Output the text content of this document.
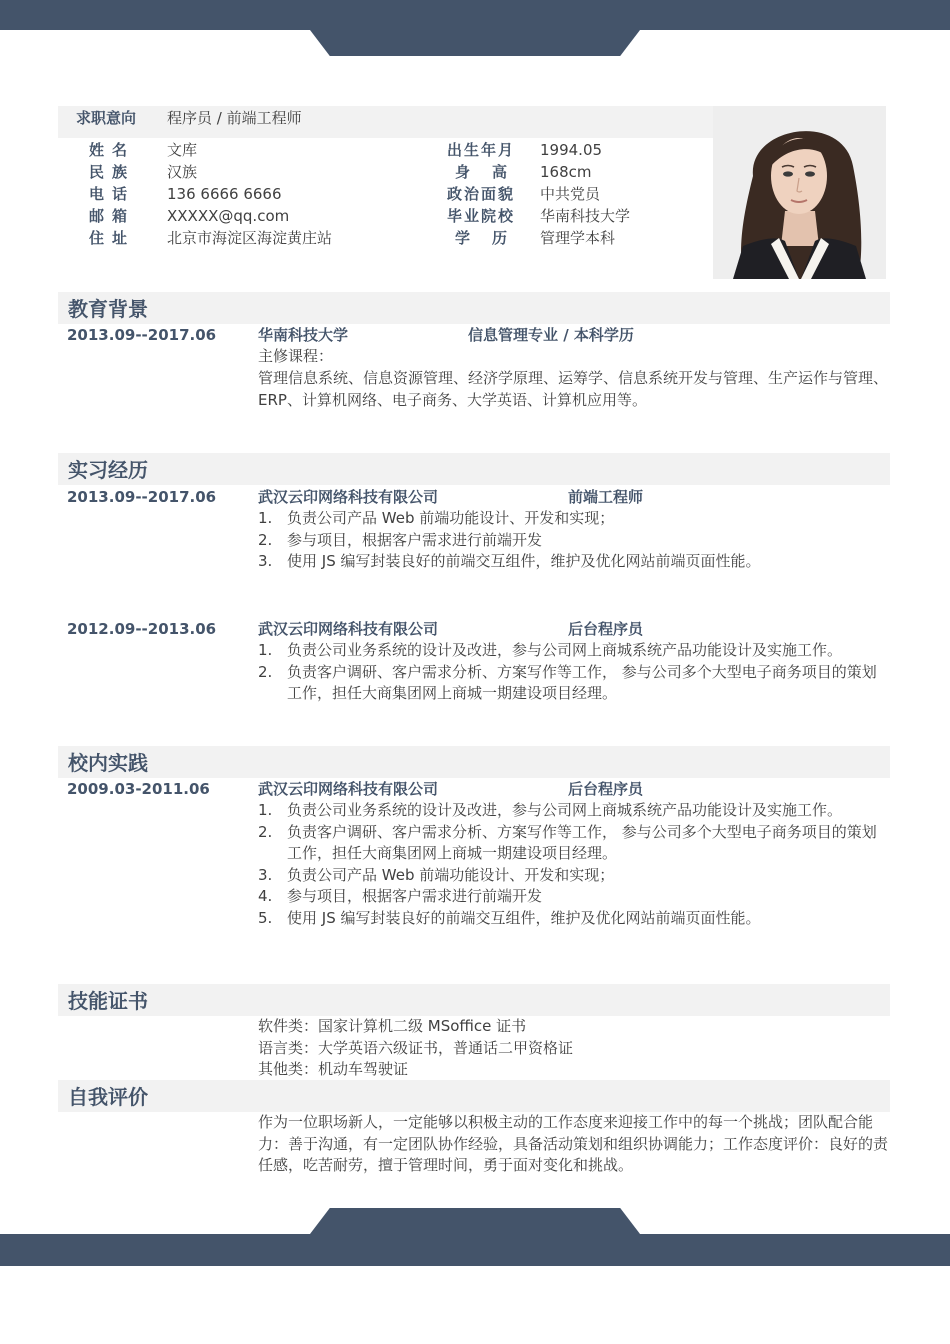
求职意向 程序员 / 前端工程师
姓名	文库
民族	汉族
电话	136 6666 6666
邮箱	XXXXX@qq.com
住址	北京市海淀区海淀黄庄站
出生年月 1994.05
身高 168cm
政治面貌 中共党员
毕业院校 华南科技大学
学历 管理学本科
教育背景
2013.09--2017.06	华南科技大学	信息管理专业 / 本科学历
主修课程：
管理信息系统、信息资源管理、经济学原理、运筹学、信息系统开发与管理、生产运作与管理、ERP、计算机网络、电子商务、大学英语、计算机应用等。
实习经历
2013.09--2017.06	武汉云印网络科技有限公司	前端工程师
1. 负责公司产品 Web 前端功能设计、开发和实现；
2. 参与项目，根据客户需求进行前端开发
3. 使用 JS 编写封装良好的前端交互组件，维护及优化网站前端页面性能。
2012.09--2013.06	武汉云印网络科技有限公司	后台程序员
1. 负责公司业务系统的设计及改进，参与公司网上商城系统产品功能设计及实施工作。
2. 负责客户调研、客户需求分析、方案写作等工作， 参与公司多个大型电子商务项目的策划工作，担任大商集团网上商城一期建设项目经理。
校内实践
2009.03-2011.06	武汉云印网络科技有限公司	后台程序员
1. 负责公司业务系统的设计及改进，参与公司网上商城系统产品功能设计及实施工作。
2. 负责客户调研、客户需求分析、方案写作等工作， 参与公司多个大型电子商务项目的策划工作，担任大商集团网上商城一期建设项目经理。
3. 负责公司产品 Web 前端功能设计、开发和实现；
4. 参与项目，根据客户需求进行前端开发
5. 使用 JS 编写封装良好的前端交互组件，维护及优化网站前端页面性能。
技能证书
软件类：国家计算机二级 MSoffice 证书
语言类：大学英语六级证书，普通话二甲资格证
其他类：机动车驾驶证
自我评价
作为一位职场新人，一定能够以积极主动的工作态度来迎接工作中的每一个挑战；团队配合能力：善于沟通，有一定团队协作经验，具备活动策划和组织协调能力；工作态度评价：良好的责任感，吃苦耐劳，擅于管理时间，勇于面对变化和挑战。
